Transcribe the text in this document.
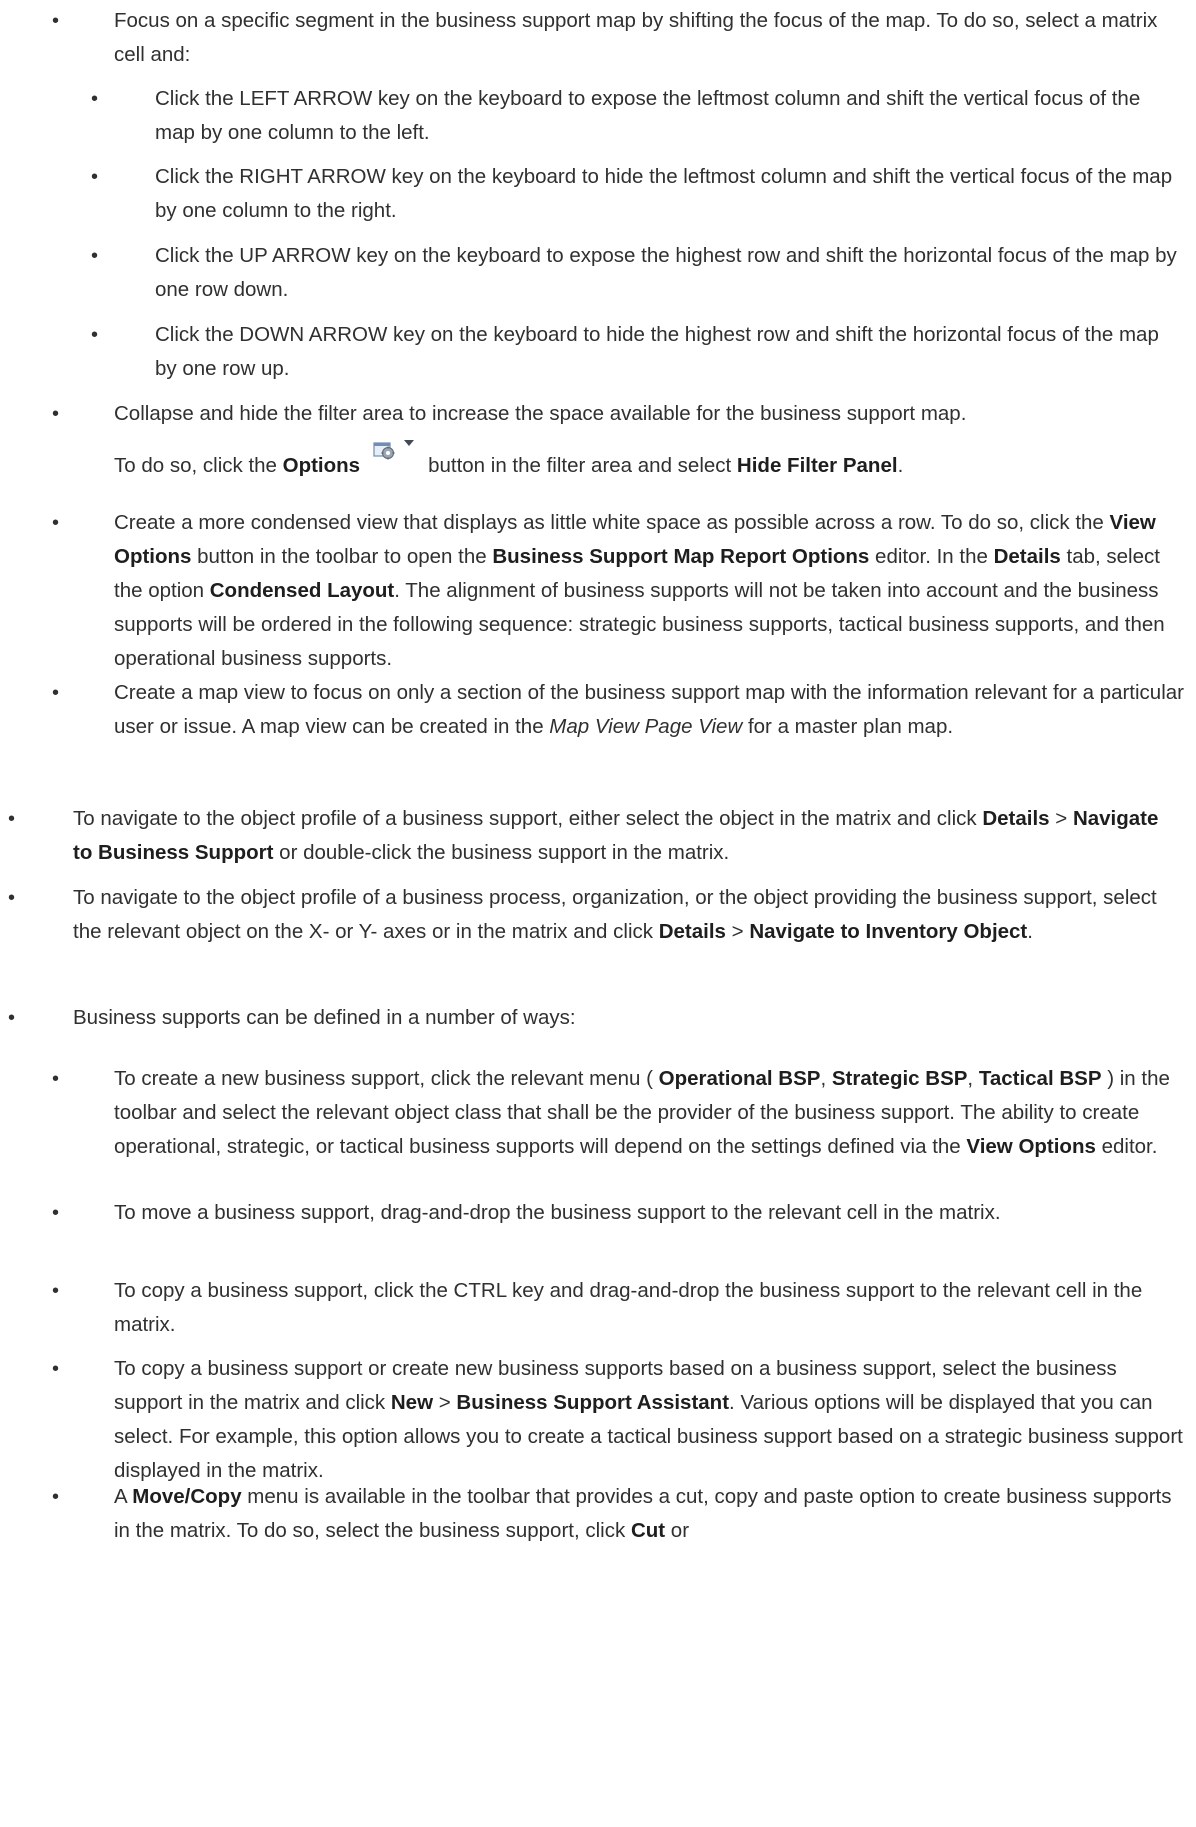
•	Focus on a specific segment in the business support map by shifting the focus of the map. To do so, select a matrix cell and:
•	Click the LEFT ARROW key on the keyboard to expose the leftmost column and shift the vertical focus of the map by one column to the left.
•	Click the RIGHT ARROW key on the keyboard to hide the leftmost column and shift the vertical focus of the map by one column to the right.
•	Click the UP ARROW key on the keyboard to expose the highest row and shift the horizontal focus of the map by one row down.
•	Click the DOWN ARROW key on the keyboard to hide the highest row and shift the horizontal focus of the map by one row up.
•	Collapse and hide the filter area to increase the space available for the business support map.
To do so, click the Options	button in the filter area and select Hide Filter Panel.
•	Create a more condensed view that displays as little white space as possible across a row. To do so, click the View Options button in the toolbar to open the Business Support Map Report Options editor. In the Details tab, select the option Condensed Layout. The alignment of business supports will not be taken into account and the business supports will be ordered in the following sequence: strategic business supports, tactical business supports, and then operational business supports.
•	Create a map view to focus on only a section of the business support map with the information relevant for a particular user or issue. A map view can be created in the Map View Page View for a master plan map.
•	To navigate to the object profile of a business support, either select the object in the matrix and click Details > Navigate to Business Support or double-click the business support in the matrix.
•	To navigate to the object profile of a business process, organization, or the object providing the business support, select the relevant object on the X- or Y- axes or in the matrix and click Details > Navigate to Inventory Object.
•	Business supports can be defined in a number of ways:
•	To create a new business support, click the relevant menu ( Operational BSP, Strategic BSP, Tactical BSP ) in the toolbar and select the relevant object class that shall be the provider of the business support. The ability to create operational, strategic, or tactical business supports will depend on the settings defined via the View Options editor.
•	To move a business support, drag-and-drop the business support to the relevant cell in the matrix.
•	To copy a business support, click the CTRL key and drag-and-drop the business support to the relevant cell in the matrix.
•	To copy a business support or create new business supports based on a business support, select the business support in the matrix and click New > Business Support Assistant. Various options will be displayed that you can select. For example, this option allows you to create a tactical business support based on a strategic business support displayed in the matrix.
•	A Move/Copy menu is available in the toolbar that provides a cut, copy and paste option to create business supports in the matrix. To do so, select the business support, click Cut or
